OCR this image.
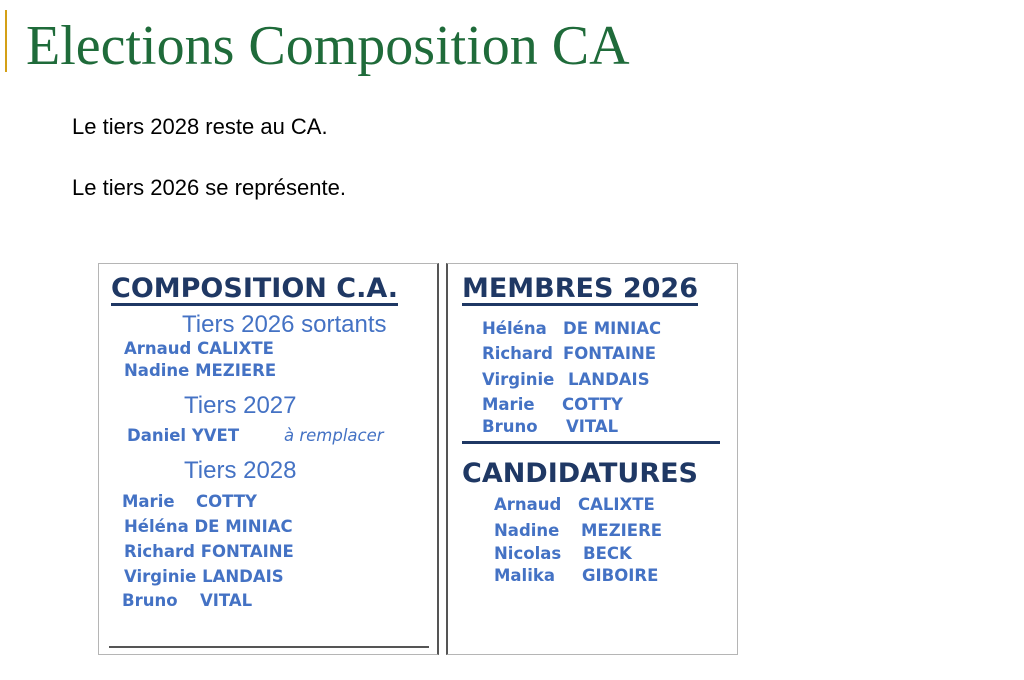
Elections Composition CA
Le tiers 2028 reste au CA.
Le tiers 2026 se représente.
COMPOSITION C.A.
Tiers 2026 sortants
Arnaud CALIXTE
Nadine MEZIERE
Tiers 2027
Daniel YVET	à remplacer
Tiers 2028
Marie COTTY
Héléna DE MINIAC
Richard FONTAINE
Virginie LANDAIS
Bruno VITAL
MEMBRES 2026
Héléna DE MINIAC
Richard FONTAINE
Virginie LANDAIS
Marie COTTY
Bruno VITAL
CANDIDATURES
Arnaud CALIXTE
Nadine MEZIERE
Nicolas BECK
Malika GIBOIRE
